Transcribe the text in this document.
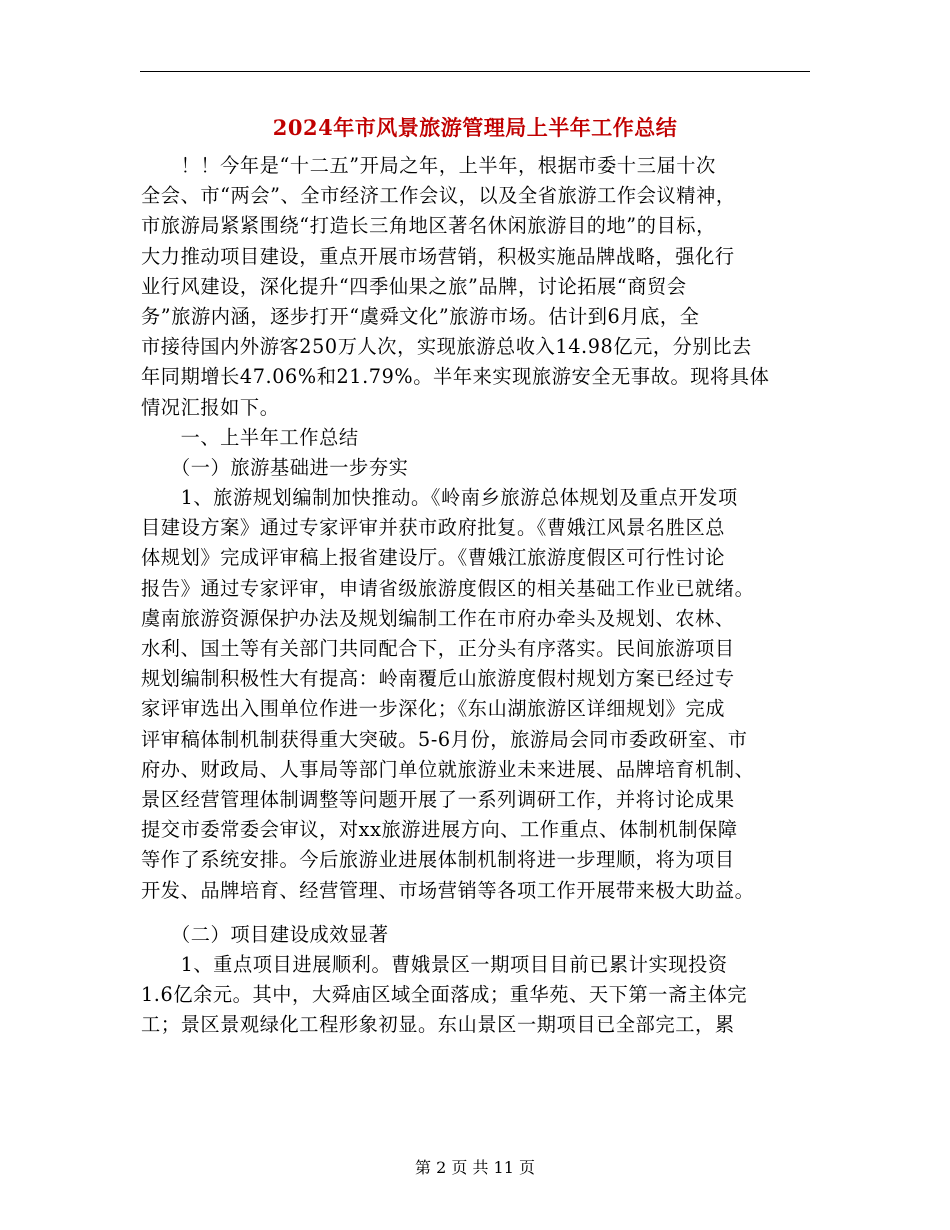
2024年市风景旅游管理局上半年工作总结
　　！！今年是“十二五”开局之年，上半年，根据市委十三届十次
全会、市“两会”、全市经济工作会议，以及全省旅游工作会议精神，
市旅游局紧紧围绕“打造长三角地区著名休闲旅游目的地”的目标，
大力推动项目建设，重点开展市场营销，积极实施品牌战略，强化行
业行风建设，深化提升“四季仙果之旅”品牌，讨论拓展“商贸会
务”旅游内涵，逐步打开“虞舜文化”旅游市场。估计到6月底，全
市接待国内外游客250万人次，实现旅游总收入14.98亿元，分别比去
年同期增长47.06%和21.79%。半年来实现旅游安全无事故。现将具体
情况汇报如下。
　　一、上半年工作总结
　　（一）旅游基础进一步夯实
　　1、旅游规划编制加快推动。《岭南乡旅游总体规划及重点开发项
目建设方案》通过专家评审并获市政府批复。《曹娥江风景名胜区总
体规划》完成评审稿上报省建设厅。《曹娥江旅游度假区可行性讨论
报告》通过专家评审，申请省级旅游度假区的相关基础工作业已就绪。
虞南旅游资源保护办法及规划编制工作在市府办牵头及规划、农林、
水利、国土等有关部门共同配合下，正分头有序落实。民间旅游项目
规划编制积极性大有提高：岭南覆卮山旅游度假村规划方案已经过专
家评审选出入围单位作进一步深化；《东山湖旅游区详细规划》完成
评审稿体制机制获得重大突破。5-6月份，旅游局会同市委政研室、市
府办、财政局、人事局等部门单位就旅游业未来进展、品牌培育机制、
景区经营管理体制调整等问题开展了一系列调研工作，并将讨论成果
提交市委常委会审议，对xx旅游进展方向、工作重点、体制机制保障
等作了系统安排。今后旅游业进展体制机制将进一步理顺，将为项目
开发、品牌培育、经营管理、市场营销等各项工作开展带来极大助益。
　　（二）项目建设成效显著
　　1、重点项目进展顺利。曹娥景区一期项目目前已累计实现投资
1.6亿余元。其中，大舜庙区域全面落成；重华苑、天下第一斋主体完
工；景区景观绿化工程形象初显。东山景区一期项目已全部完工，累
第 2 页 共 11 页
